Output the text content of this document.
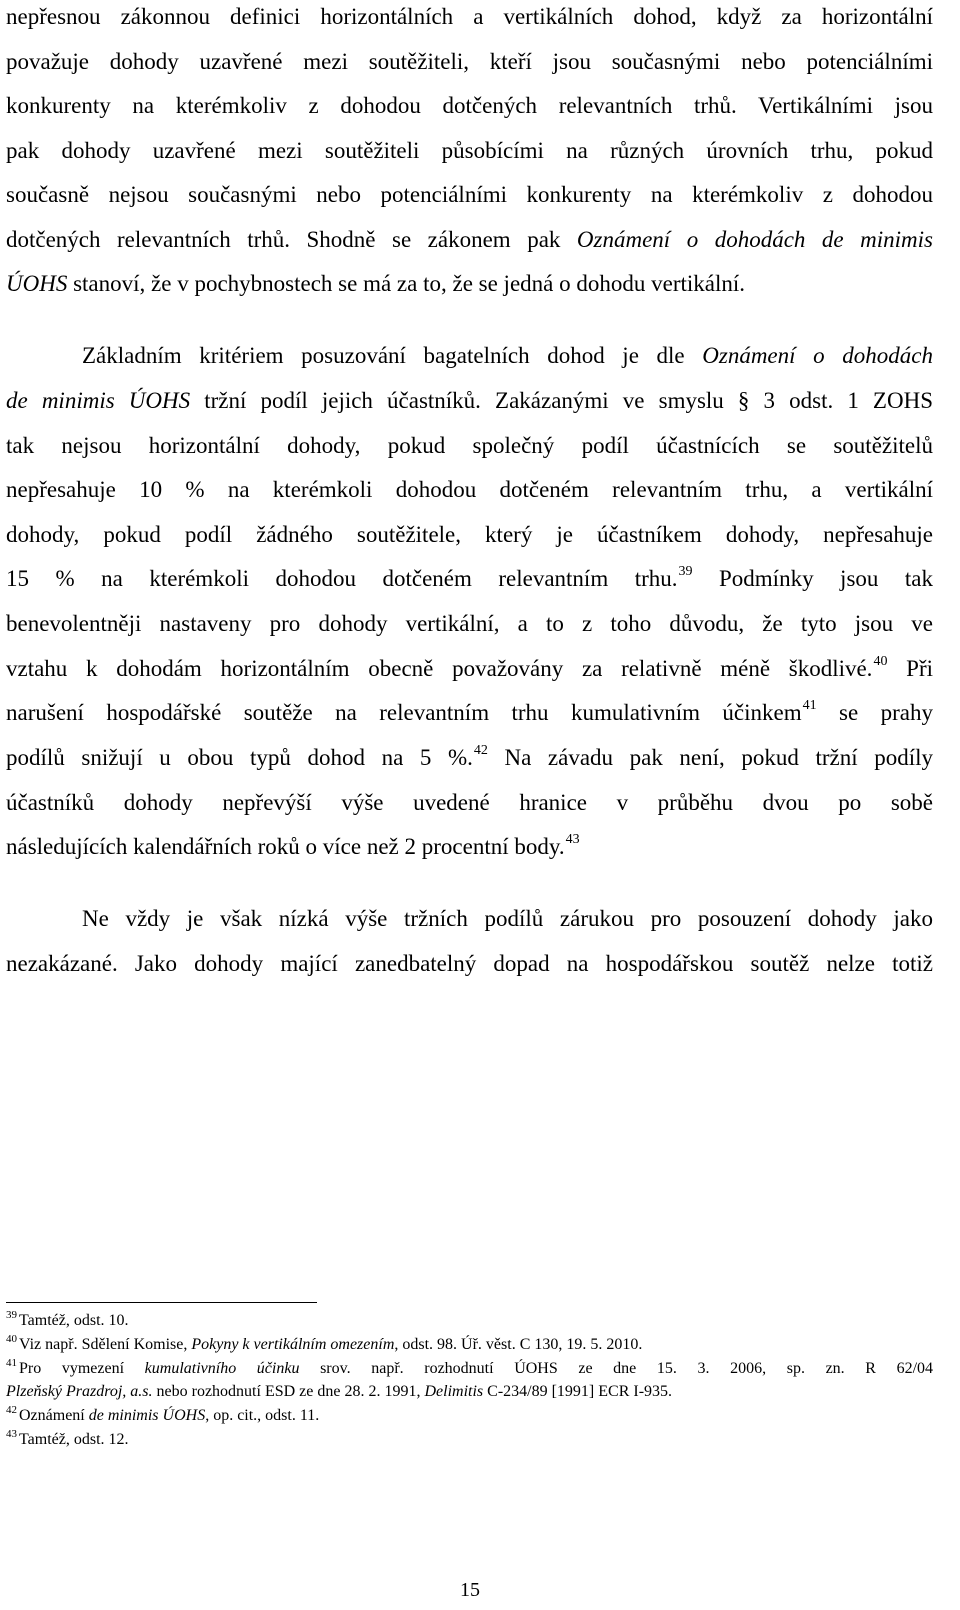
nepřesnou zákonnou definici horizontálních a vertikálních dohod, když za horizontální
považuje dohody uzavřené mezi soutěžiteli, kteří jsou současnými nebo potenciálními
konkurenty na kterémkoliv z dohodou dotčených relevantních trhů. Vertikálními jsou
pak dohody uzavřené mezi soutěžiteli působícími na různých úrovních trhu, pokud
současně nejsou současnými nebo potenciálními konkurenty na kterémkoliv z dohodou
dotčených relevantních trhů. Shodně se zákonem pak Oznámení o dohodách de minimis
ÚOHS stanoví, že v pochybnostech se má za to, že se jedná o dohodu vertikální.
Základním kritériem posuzování bagatelních dohod je dle Oznámení o dohodách
de minimis ÚOHS tržní podíl jejich účastníků. Zakázanými ve smyslu § 3 odst. 1 ZOHS
tak nejsou horizontální dohody, pokud společný podíl účastnících se soutěžitelů
nepřesahuje 10 % na kterémkoli dohodou dotčeném relevantním trhu, a vertikální
dohody, pokud podíl žádného soutěžitele, který je účastníkem dohody, nepřesahuje
15 % na kterémkoli dohodou dotčeném relevantním trhu.$^{39}$ Podmínky jsou tak
benevolentněji nastaveny pro dohody vertikální, a to z toho důvodu, že tyto jsou ve
vztahu k dohodám horizontálním obecně považovány za relativně méně škodlivé.$^{40}$ Při
narušení hospodářské soutěže na relevantním trhu kumulativním účinkem$^{41}$ se prahy
podílů snižují u obou typů dohod na 5 %.$^{42}$ Na závadu pak není, pokud tržní podíly
účastníků dohody nepřevýší výše uvedené hranice v průběhu dvou po sobě
následujících kalendářních roků o více než 2 procentní body.$^{43}$
Ne vždy je však nízká výše tržních podílů zárukou pro posouzení dohody jako
nezakázané. Jako dohody mající zanedbatelný dopad na hospodářskou soutěž nelze totiž
$^{39}$ Tamtéž, odst. 10.
$^{40}$ Viz např. Sdělení Komise, Pokyny k vertikálním omezením, odst. 98. Úř. věst. C 130, 19. 5. 2010.
$^{41}$ Pro vymezení kumulativního účinku srov. např. rozhodnutí ÚOHS ze dne 15. 3. 2006, sp. zn. R 62/04
Plzeňský Prazdroj, a.s. nebo rozhodnutí ESD ze dne 28. 2. 1991, Delimitis C-234/89 [1991] ECR I-935.
$^{42}$ Oznámení de minimis ÚOHS, op. cit., odst. 11.
$^{43}$ Tamtéž, odst. 12.
15
